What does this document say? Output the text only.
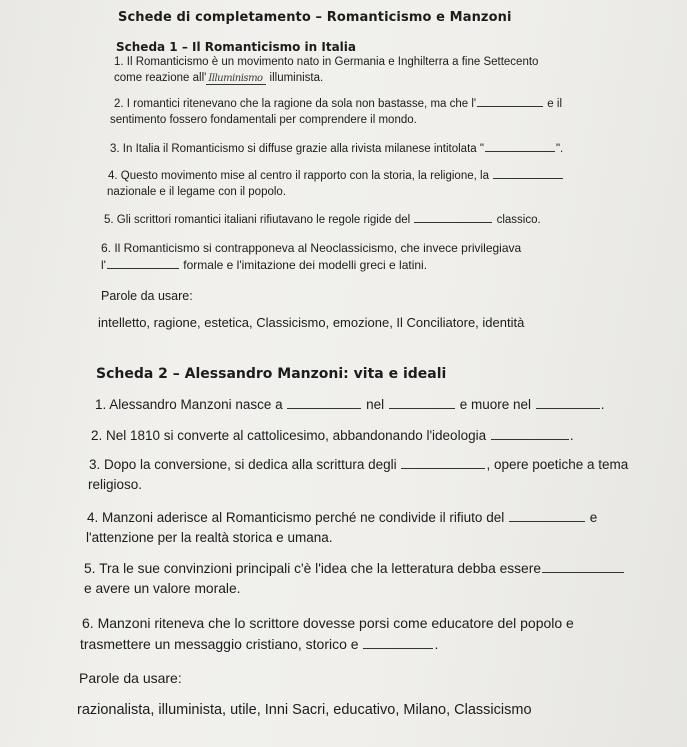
Schede di completamento – Romanticismo e Manzoni
Scheda 1 – Il Romanticismo in Italia
1. Il Romanticismo è un movimento nato in Germania e Inghilterra a fine Settecento
come reazione all' Illuminismo illuminista.
2. I romantici ritenevano che la ragione da sola non bastasse, ma che l'	e il
sentimento fossero fondamentali per comprendere il mondo.
3. In Italia il Romanticismo si diffuse grazie alla rivista milanese intitolata "	".
4. Questo movimento mise al centro il rapporto con la storia, la religione, la
nazionale e il legame con il popolo.
5. Gli scrittori romantici italiani rifiutavano le regole rigide del	classico.
6. Il Romanticismo si contrapponeva al Neoclassicismo, che invece privilegiava
l'	formale e l'imitazione dei modelli greci e latini.
Parole da usare:
intelletto, ragione, estetica, Classicismo, emozione, Il Conciliatore, identità
Scheda 2 – Alessandro Manzoni: vita e ideali
1. Alessandro Manzoni nasce a	nel	e muore nel	.
2. Nel 1810 si converte al cattolicesimo, abbandonando l'ideologia	.
3. Dopo la conversione, si dedica alla scrittura degli	, opere poetiche a tema
religioso.
4. Manzoni aderisce al Romanticismo perché ne condivide il rifiuto del	e
l'attenzione per la realtà storica e umana.
5. Tra le sue convinzioni principali c'è l'idea che la letteratura debba essere
e avere un valore morale.
6. Manzoni riteneva che lo scrittore dovesse porsi come educatore del popolo e
trasmettere un messaggio cristiano, storico e	.
Parole da usare:
razionalista, illuminista, utile, Inni Sacri, educativo, Milano, Classicismo
